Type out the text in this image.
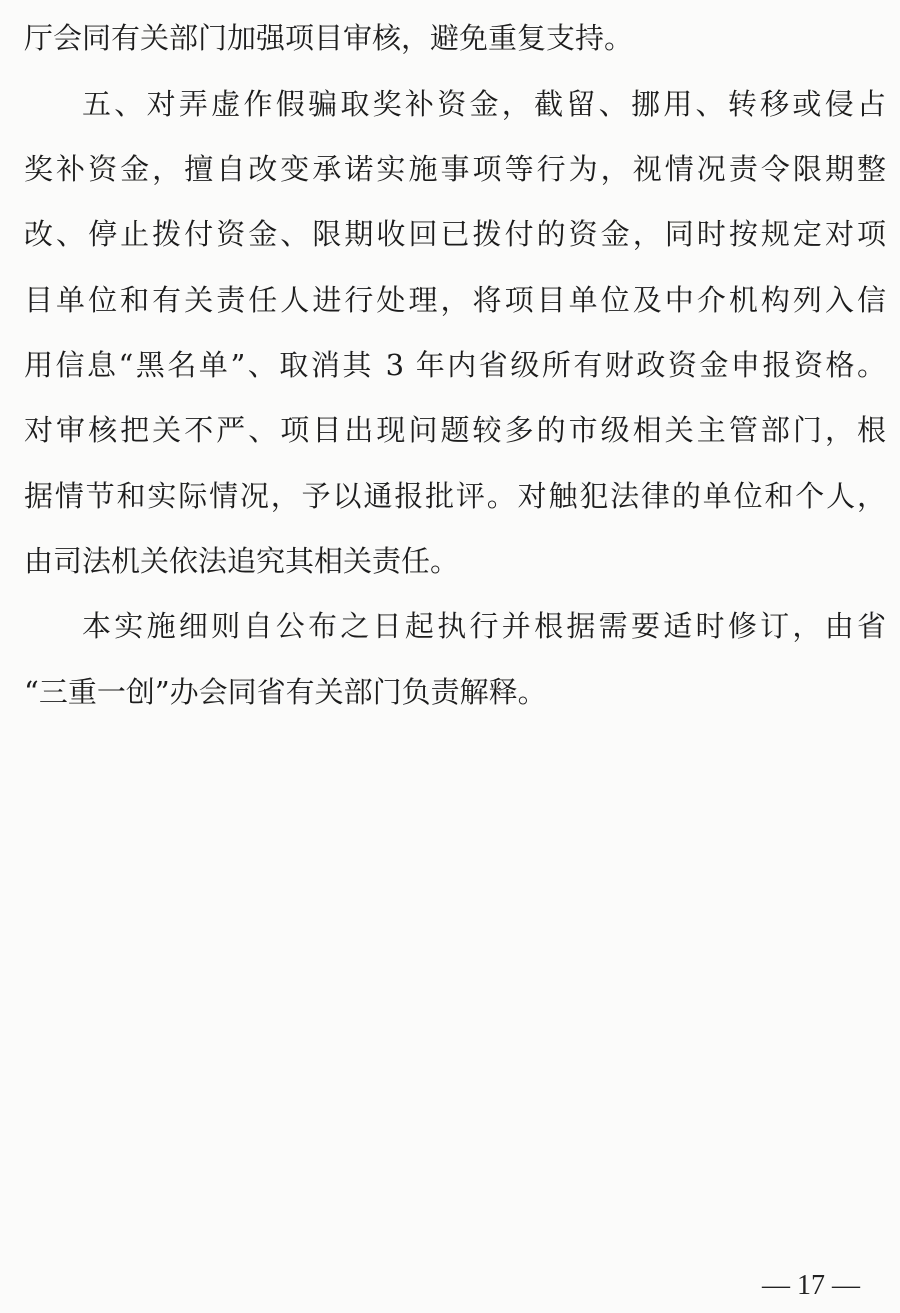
厅会同有关部门加强项目审核，避免重复支持。
五、对弄虚作假骗取奖补资金，截留、挪用、转移或侵占
奖补资金，擅自改变承诺实施事项等行为，视情况责令限期整
改、停止拨付资金、限期收回已拨付的资金，同时按规定对项
目单位和有关责任人进行处理，将项目单位及中介机构列入信
用信息“黑名单”、取消其 3 年内省级所有财政资金申报资格。
对审核把关不严、项目出现问题较多的市级相关主管部门，根
据情节和实际情况，予以通报批评。对触犯法律的单位和个人，
由司法机关依法追究其相关责任。
本实施细则自公布之日起执行并根据需要适时修订，由省
“三重一创”办会同省有关部门负责解释。
— 17 —
